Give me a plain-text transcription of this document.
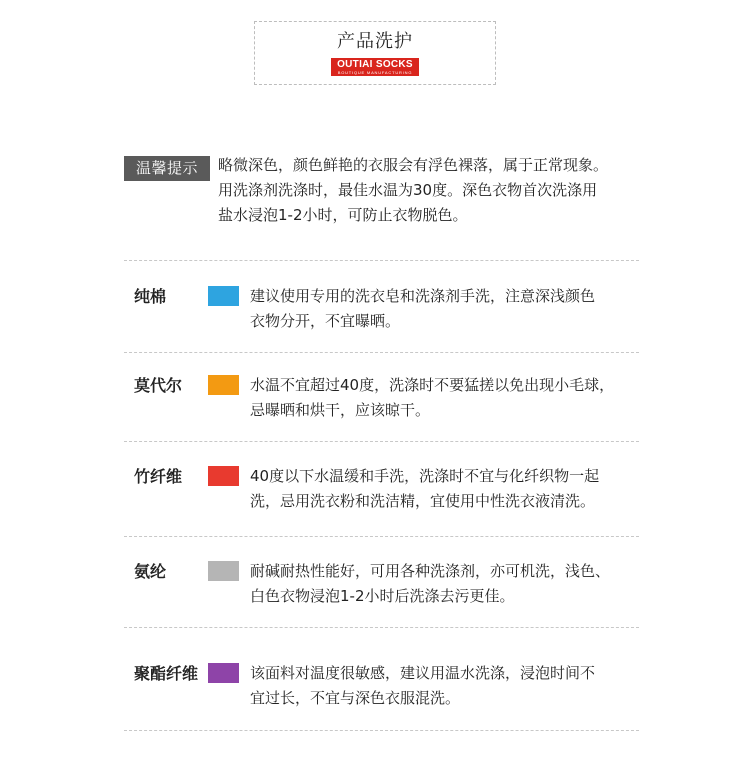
产品洗护
OUTIAI SOCKS
BOUTIQUE MANUFACTURING
温馨提示	略微深色，颜色鲜艳的衣服会有浮色裸落，属于正常现象。
用洗涤剂洗涤时，最佳水温为30度。深色衣物首次洗涤用
盐水浸泡1-2小时，可防止衣物脱色。
纯棉	建议使用专用的洗衣皂和洗涤剂手洗，注意深浅颜色
衣物分开，不宜曝晒。
莫代尔	水温不宜超过40度，洗涤时不要猛搓以免出现小毛球，
忌曝晒和烘干，应该晾干。
竹纤维	40度以下水温缓和手洗，洗涤时不宜与化纤织物一起
洗，忌用洗衣粉和洗洁精，宜使用中性洗衣液清洗。
氨纶	耐碱耐热性能好，可用各种洗涤剂，亦可机洗，浅色、
白色衣物浸泡1-2小时后洗涤去污更佳。
聚酯纤维	该面料对温度很敏感，建议用温水洗涤，浸泡时间不
宜过长，不宜与深色衣服混洗。
